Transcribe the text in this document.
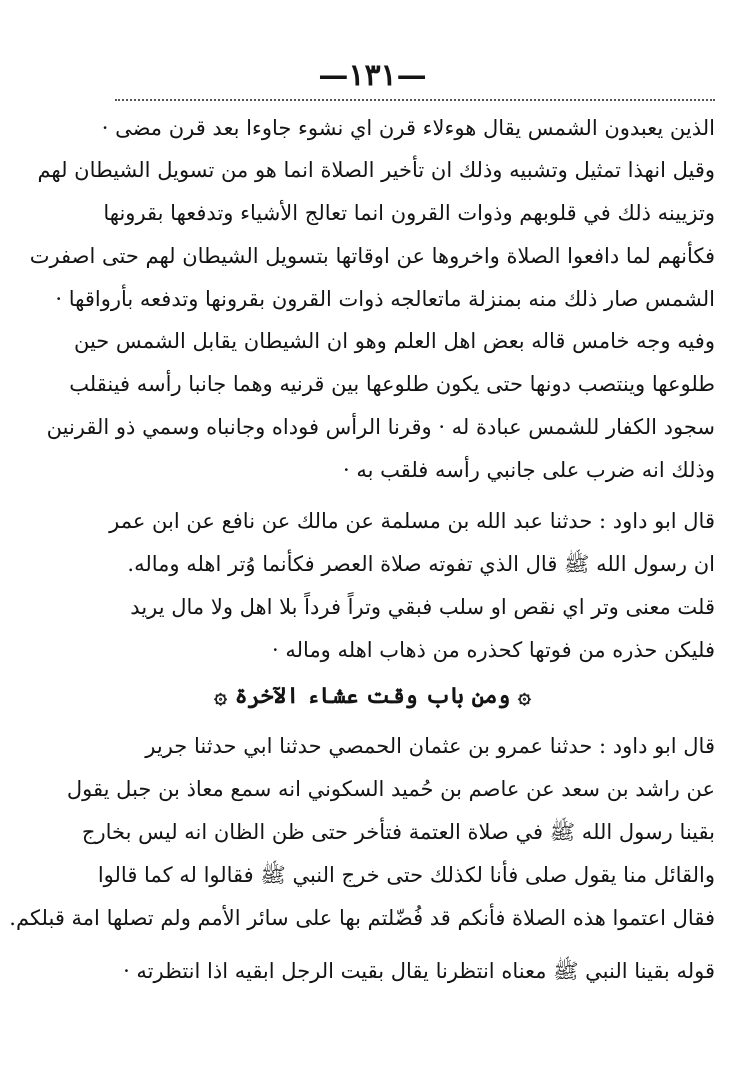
—١٣١—
الذين يعبدون الشمس يقال هوءلاء قرن اي نشوء جاوءا بعد قرن مضى ·
وقيل انهذا تمثيل وتشبيه وذلك ان تأخير الصلاة انما هو من تسويل الشيطان لهم
وتزيينه ذلك في قلوبهم وذوات القرون انما تعالج الأشياء وتدفعها بقرونها
فكأنهم لما دافعوا الصلاة واخروها عن اوقاتها بتسويل الشيطان لهم حتى اصفرت
الشمس صار ذلك منه بمنزلة ماتعالجه ذوات القرون بقرونها وتدفعه بأرواقها ·
وفيه وجه خامس قاله بعض اهل العلم وهو ان الشيطان يقابل الشمس حين
طلوعها وينتصب دونها حتى يكون طلوعها بين قرنيه وهما جانبا رأسه فينقلب
سجود الكفار للشمس عبادة له · وقرنا الرأس فوداه وجانباه وسمي ذو القرنين
وذلك انه ضرب على جانبي رأسه فلقب به ·
قال ابو داود : حدثنا عبد الله بن مسلمة عن مالك عن نافع عن ابن عمر
ان رسول الله ﷺ قال الذي تفوته صلاة العصر فكأنما وُتر اهله وماله.
قلت معنى وتر اي نقص او سلب فبقي وتراً فرداً بلا اهل ولا مال يريد
فليكن حذره من فوتها كحذره من ذهاب اهله وماله ·
۞ ومن باب وقت عشاء الآخرة ۞
قال ابو داود : حدثنا عمرو بن عثمان الحمصي حدثنا ابي حدثنا جرير
عن راشد بن سعد عن عاصم بن حُميد السكوني انه سمع معاذ بن جبل يقول
بقينا رسول الله ﷺ في صلاة العتمة فتأخر حتى ظن الظان انه ليس بخارج
والقائل منا يقول صلى فأنا لكذلك حتى خرج النبي ﷺ فقالوا له كما قالوا
فقال اعتموا هذه الصلاة فأنكم قد فُضّلتم بها على سائر الأمم ولم تصلها امة قبلكم.
قوله بقينا النبي ﷺ معناه انتظرنا يقال بقيت الرجل ابقيه اذا انتظرته ·
